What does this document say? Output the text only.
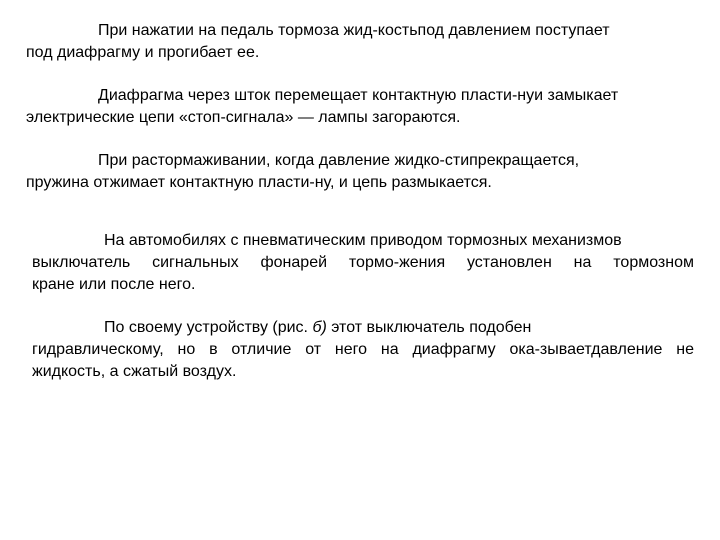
При нажатии на педаль тормоза жид-костьпод давлением поступает
под диафрагму и прогибает ее.

Диафрагма через шток перемещает контактную пласти-нуи замыкает
электрические цепи «стоп-сигнала» — лампы загораются.

При растормаживании, когда давление жидко-стипрекращается,
пружина отжимает контактную пласти-ну, и цепь размыкается.

На автомобилях с пневматическим приводом тормозных механизмов
выключатель сигнальных фонарей тормо-жения установлен на тормозном
кране или после него.

По своему устройству (рис. б) этот выключатель подобен
гидравлическому, но в отличие от него на диафрагму ока-зываетдавление не
жидкость, а сжатый воздух.
